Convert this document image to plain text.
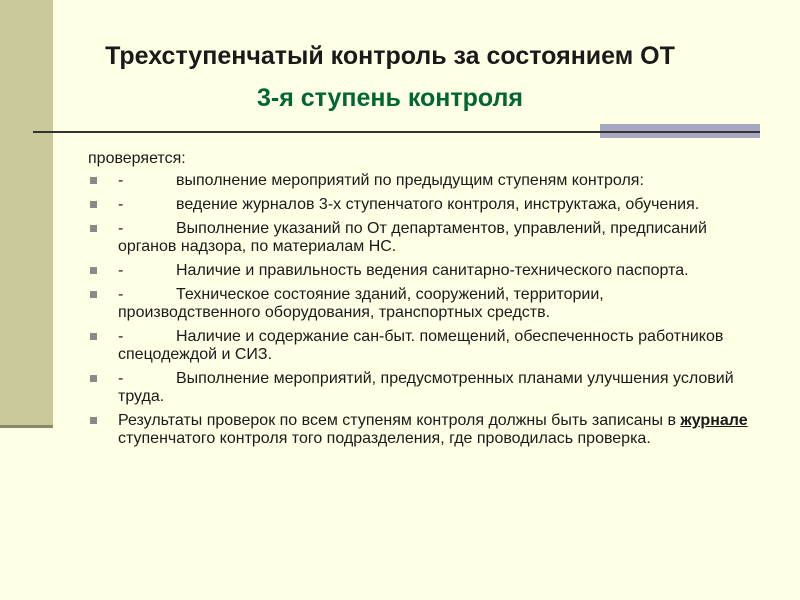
Трехступенчатый контроль за состоянием ОТ
3-я ступень контроля

проверяется:

-	выполнение мероприятий по предыдущим ступеням контроля:
-	ведение журналов 3-х ступенчатого контроля, инструктажа, обучения.
-	Выполнение указаний по От департаментов, управлений, предписаний органов надзора, по материалам НС.
-	Наличие и правильность ведения санитарно-технического паспорта.
-	Техническое состояние зданий, сооружений, территории, производственного оборудования, транспортных средств.
-	Наличие и содержание сан-быт. помещений, обеспеченность работников спецодеждой и СИЗ.
-	Выполнение мероприятий, предусмотренных планами улучшения условий труда.
Результаты проверок по всем ступеням контроля должны быть записаны в журнале ступенчатого контроля того подразделения, где проводилась проверка.
